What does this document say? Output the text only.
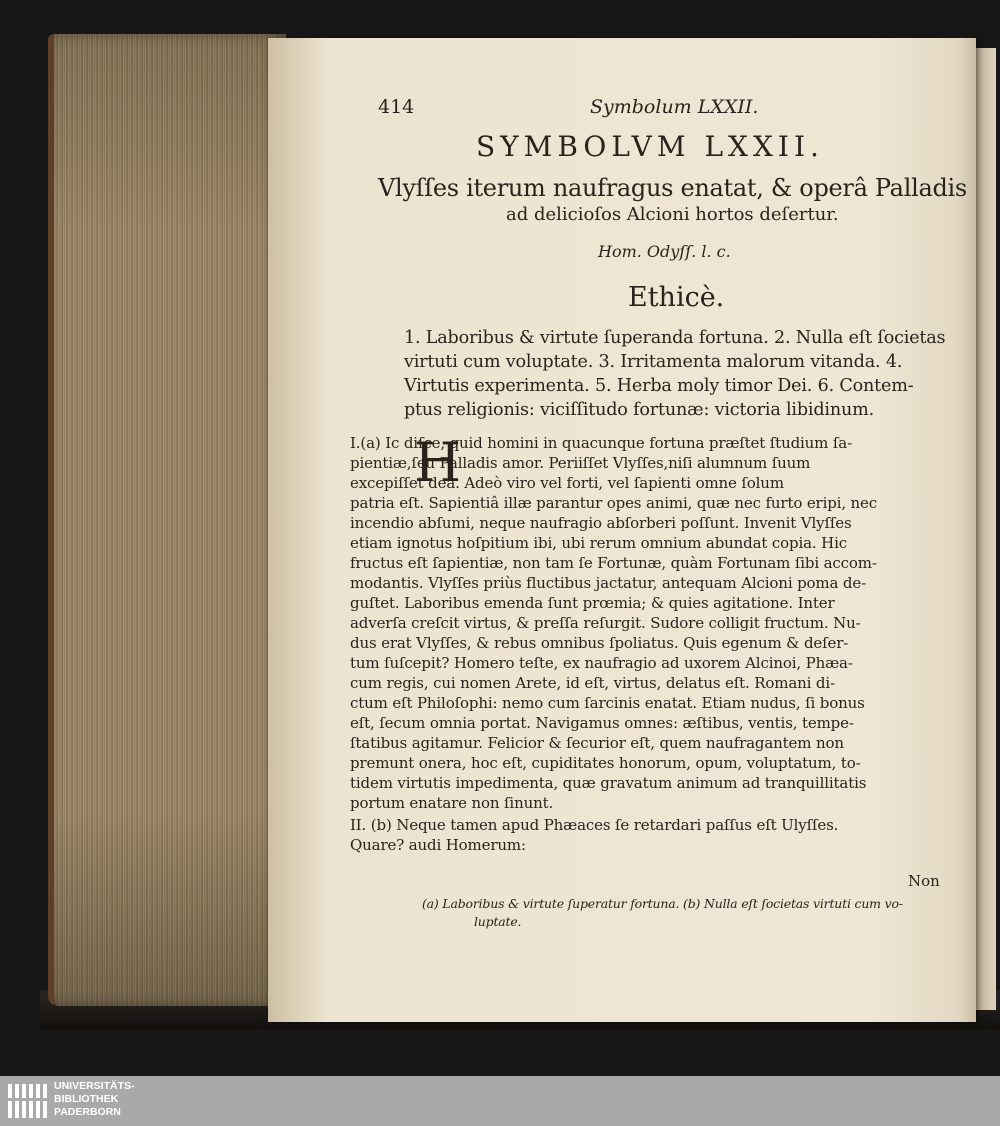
414	Symbolum LXXII.
SYMBOLVM LXXII.
Vlyſſes iterum naufragus enatat, & operâ Palladis
ad delicioſos Alcioni hortos deſertur.
Hom. Odyſſ. l. c.
Ethicè.
1. Laboribus & virtute ſuperanda fortuna. 2. Nulla eſt ſocietas
virtuti cum voluptate. 3. Irritamenta malorum vitanda. 4.
Virtutis experimenta. 5. Herba moly timor Dei. 6. Contem-
ptus religionis: viciſſitudo fortunæ: victoria libidinum.
H
I.(a) Ic diſce, quid homini in quacunque fortuna præſtet ſtudium ſa-
pientiæ,ſeu Palladis amor. Periiſſet Vlyſſes,niſi alumnum ſuum
excepiſſet dea. Adeò viro vel forti, vel ſapienti omne ſolum
patria eſt. Sapientiâ illæ parantur opes animi, quæ nec furto eripi, nec
incendio abſumi, neque naufragio abſorberi poſſunt. Invenit Vlyſſes
etiam ignotus hoſpitium ibi, ubi rerum omnium abundat copia. Hic
fructus eſt ſapientiæ, non tam ſe Fortunæ, quàm Fortunam ſibi accom-
modantis. Vlyſſes priùs fluctibus jactatur, antequam Alcioni poma de-
guſtet. Laboribus emenda ſunt prœmia; & quies agitatione. Inter
adverſa creſcit virtus, & preſſa reſurgit. Sudore colligit fructum. Nu-
dus erat Vlyſſes, & rebus omnibus ſpoliatus. Quis egenum & deſer-
tum ſuſcepit? Homero teſte, ex naufragio ad uxorem Alcinoi, Phæa-
cum regis, cui nomen Arete, id eſt, virtus, delatus eſt. Romani di-
ctum eſt Philoſophi: nemo cum ſarcinis enatat. Etiam nudus, ſi bonus
eſt, ſecum omnia portat. Navigamus omnes: æſtibus, ventis, tempe-
ſtatibus agitamur. Felicior & ſecurior eſt, quem naufragantem non
premunt onera, hoc eſt, cupiditates honorum, opum, voluptatum, to-
tidem virtutis impedimenta, quæ gravatum animum ad tranquillitatis
portum enatare non ſinunt.
II. (b) Neque tamen apud Phæaces ſe retardari paſſus eſt Ulyſſes.
Quare? audi Homerum:
Non
(a) Laboribus & virtute ſuperatur fortuna. (b) Nulla eſt ſocietas virtuti cum vo-
luptate.
UNIVERSITÄTS-
BIBLIOTHEK
PADERBORN
